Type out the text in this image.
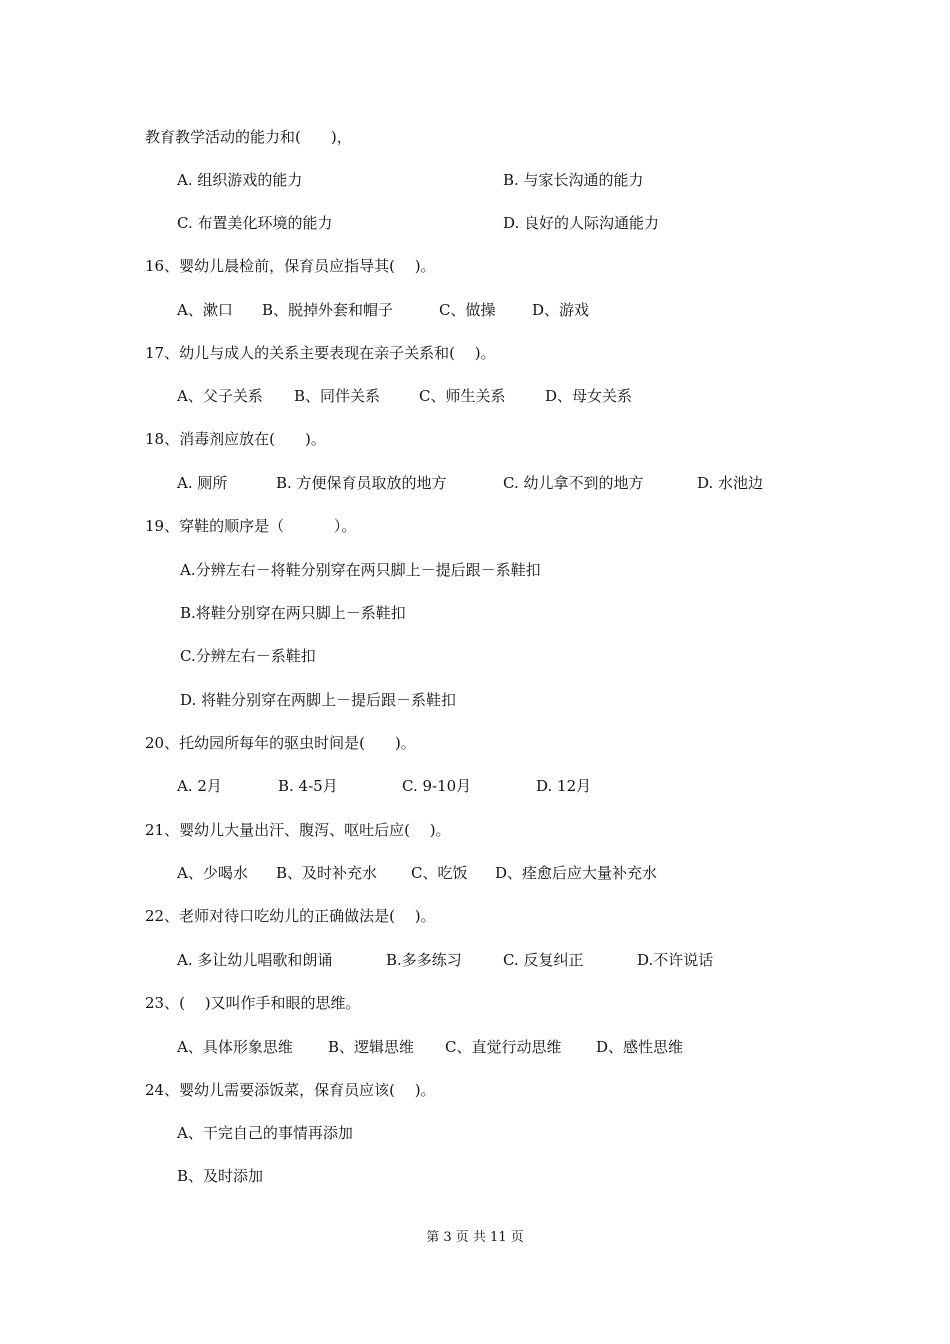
教育教学活动的能力和(　　)，
A. 组织游戏的能力	B. 与家长沟通的能力
C. 布置美化环境的能力	D. 良好的人际沟通能力
16、婴幼儿晨检前，保育员应指导其(　 )。
A、漱口 B、脱掉外套和帽子	C、做操 D、游戏
17、幼儿与成人的关系主要表现在亲子关系和(　 )。
A、父子关系 B、同伴关系	C、师生关系	D、母女关系
18、消毒剂应放在(　　)。
A. 厕所	B. 方便保育员取放的地方	C. 幼儿拿不到的地方	D. 水池边
19、穿鞋的顺序是（　　　 ）。
A.分辨左右－将鞋分别穿在两只脚上－提后跟－系鞋扣
B.将鞋分别穿在两只脚上－系鞋扣
C.分辨左右－系鞋扣
D. 将鞋分别穿在两脚上－提后跟－系鞋扣
20、托幼园所每年的驱虫时间是(　　)。
A. 2月	B. 4-5月	C. 9-10月	D. 12月
21、婴幼儿大量出汗、腹泻、呕吐后应(　 )。
A、少喝水 B、及时补充水 C、吃饭 D、痊愈后应大量补充水
22、老师对待口吃幼儿的正确做法是(　 )。
A. 多让幼儿唱歌和朗诵	B.多多练习	C. 反复纠正	D.不许说话
23、(　 )又叫作手和眼的思维。
A、具体形象思维 B、逻辑思维 C、直觉行动思维 D、感性思维
24、婴幼儿需要添饭菜，保育员应该(　 )。
A、干完自己的事情再添加
B、及时添加
第 3 页 共 11 页
